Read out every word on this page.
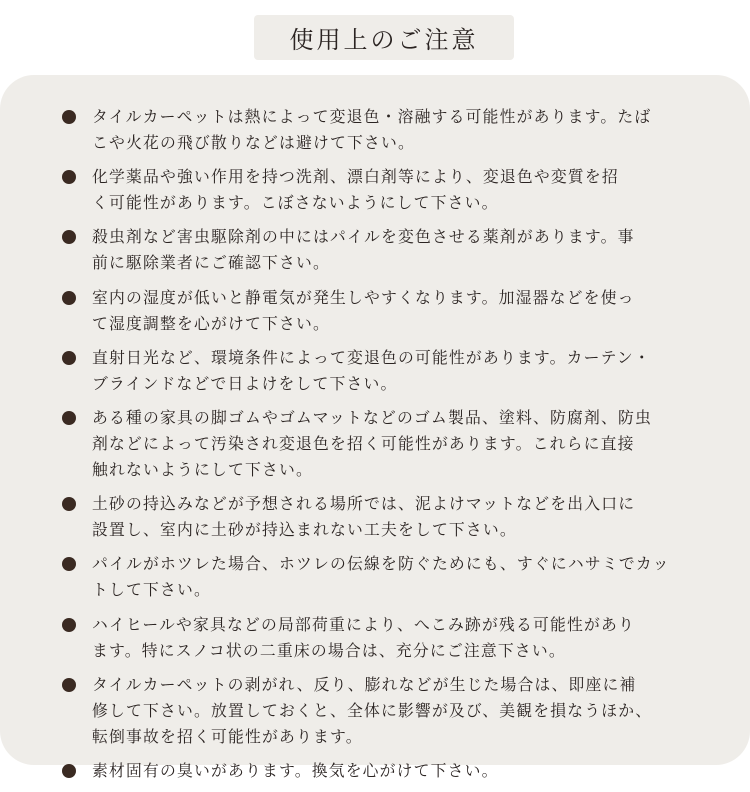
使用上のご注意
タイルカーペットは熱によって変退色・溶融する可能性があります。たば
こや火花の飛び散りなどは避けて下さい。
化学薬品や強い作用を持つ洗剤、漂白剤等により、変退色や変質を招
く可能性があります。こぼさないようにして下さい。
殺虫剤など害虫駆除剤の中にはパイルを変色させる薬剤があります。事
前に駆除業者にご確認下さい。
室内の湿度が低いと静電気が発生しやすくなります。加湿器などを使っ
て湿度調整を心がけて下さい。
直射日光など、環境条件によって変退色の可能性があります。カーテン・
ブラインドなどで日よけをして下さい。
ある種の家具の脚ゴムやゴムマットなどのゴム製品、塗料、防腐剤、防虫
剤などによって汚染され変退色を招く可能性があります。これらに直接
触れないようにして下さい。
土砂の持込みなどが予想される場所では、泥よけマットなどを出入口に
設置し、室内に土砂が持込まれない工夫をして下さい。
パイルがホツレた場合、ホツレの伝線を防ぐためにも、すぐにハサミでカッ
トして下さい。
ハイヒールや家具などの局部荷重により、へこみ跡が残る可能性があり
ます。特にスノコ状の二重床の場合は、充分にご注意下さい。
タイルカーペットの剥がれ、反り、膨れなどが生じた場合は、即座に補
修して下さい。放置しておくと、全体に影響が及び、美観を損なうほか、
転倒事故を招く可能性があります。
素材固有の臭いがあります。換気を心がけて下さい。
